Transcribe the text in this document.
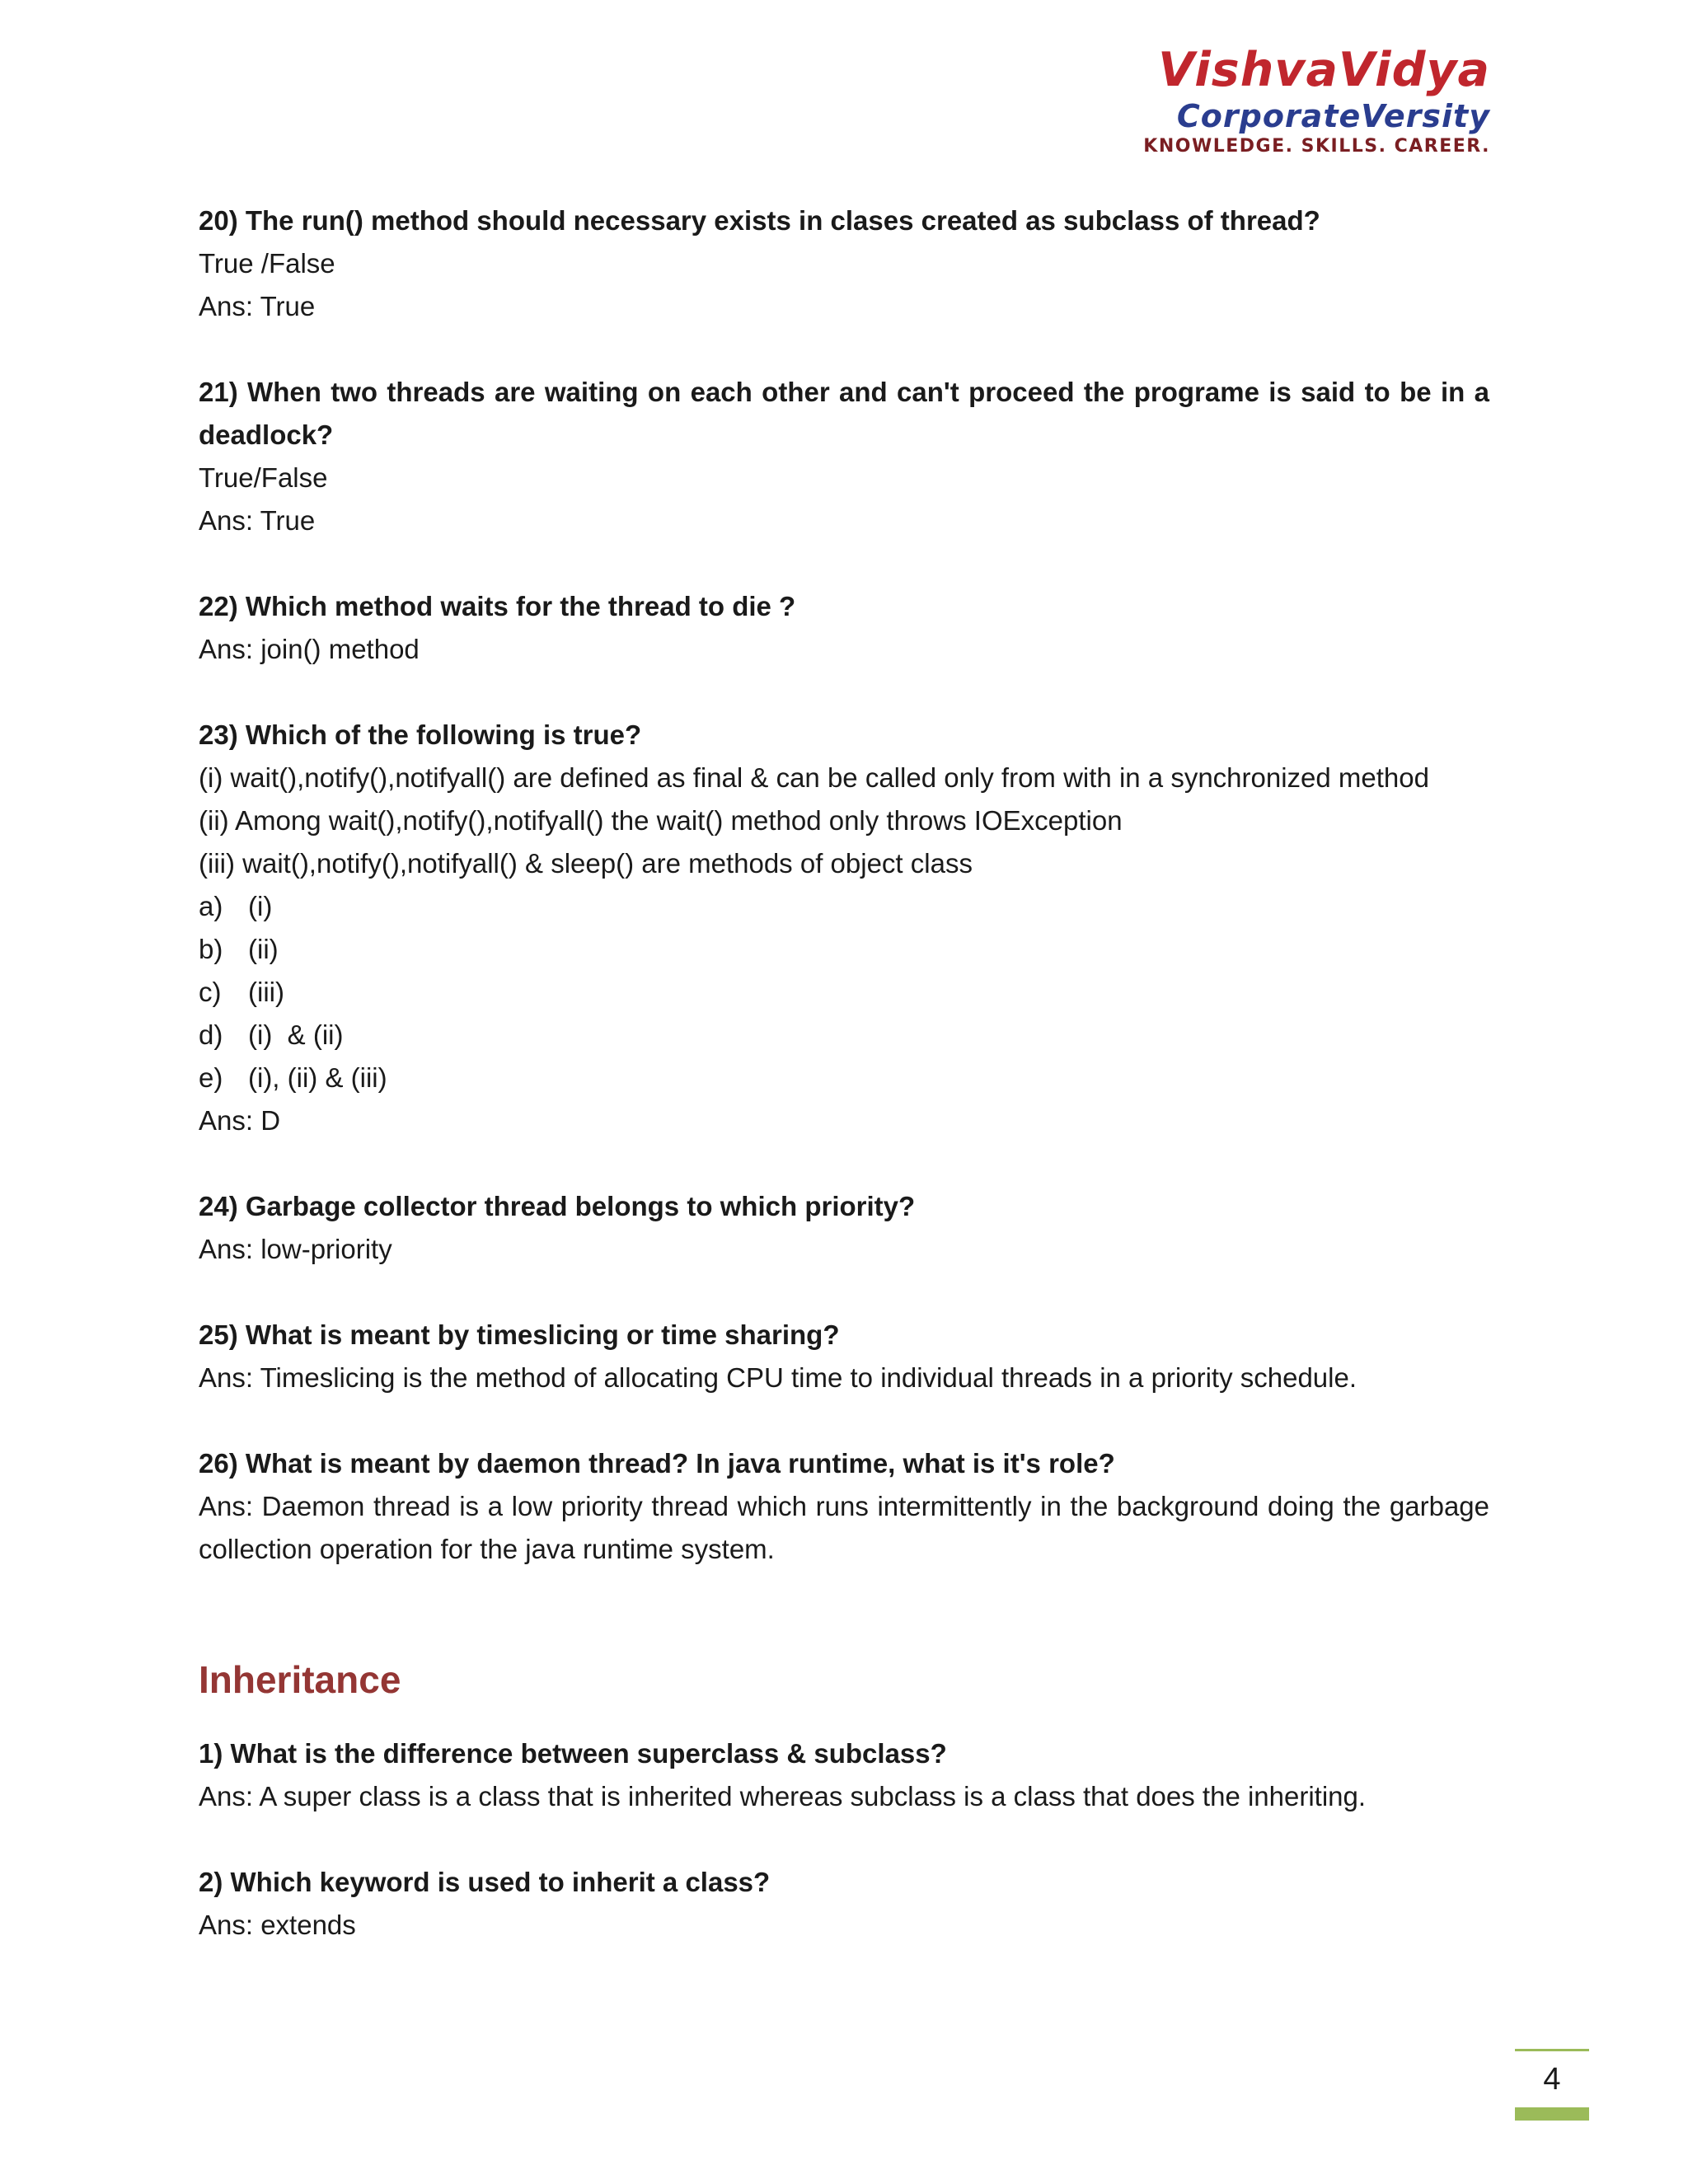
VishvaVidya
CorporateVersity
KNOWLEDGE. SKILLS. CAREER.

20) The run() method should necessary exists in clases created as subclass of thread?

True /False

Ans: True

21) When two threads are waiting on each other and can't proceed the programe is said to be in a deadlock?

True/False

Ans: True

22) Which method waits for the thread to die ?

Ans: join() method

23) Which of the following is true?

(i) wait(),notify(),notifyall() are defined as final & can be called only from with in a synchronized method

(ii) Among wait(),notify(),notifyall() the wait() method only throws IOException

(iii) wait(),notify(),notifyall() & sleep() are methods of object class

a) (i)

b) (ii)

c) (iii)

d) (i)  & (ii)

e) (i), (ii) & (iii)

Ans: D

24) Garbage collector thread belongs to which priority?

Ans: low-priority

25) What is meant by timeslicing or time sharing?

Ans: Timeslicing is the method of allocating CPU time to individual threads in a priority schedule.

26) What is meant by daemon thread? In java runtime, what is it's role?

Ans: Daemon thread is a low priority thread which runs intermittently in the background doing the garbage collection operation for the java runtime system.

Inheritance

1) What is the difference between superclass & subclass?

Ans: A super class is a class that is inherited whereas subclass is a class that does the inheriting.

2) Which keyword is used to inherit a class?

Ans: extends

4
